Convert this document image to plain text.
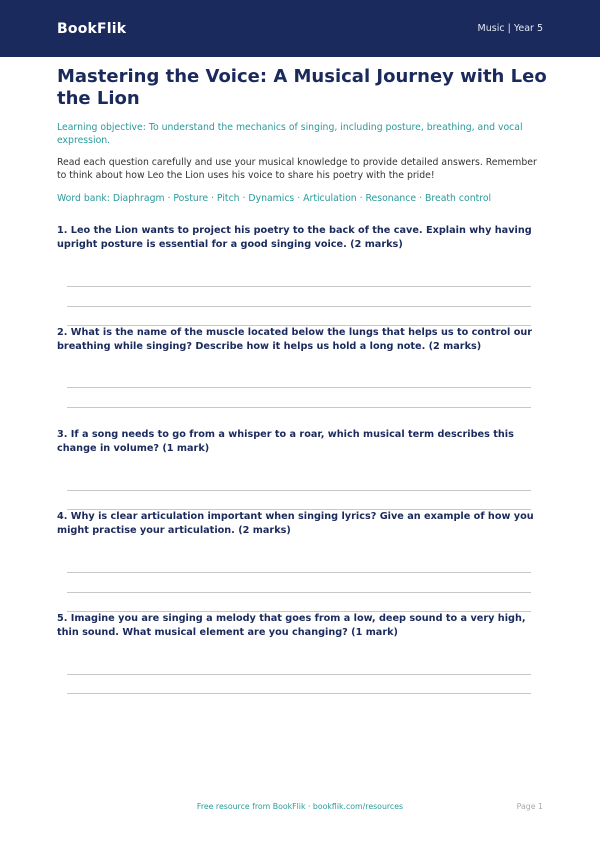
BookFlik	Music | Year 5
Mastering the Voice: A Musical Journey with Leo the Lion

Learning objective: To understand the mechanics of singing, including posture, breathing, and vocal expression.

Read each question carefully and use your musical knowledge to provide detailed answers. Remember to think about how Leo the Lion uses his voice to share his poetry with the pride!

Word bank: Diaphragm · Posture · Pitch · Dynamics · Articulation · Resonance · Breath control

1. Leo the Lion wants to project his poetry to the back of the cave. Explain why having upright posture is essential for a good singing voice. (2 marks)

2. What is the name of the muscle located below the lungs that helps us to control our breathing while singing? Describe how it helps us hold a long note. (2 marks)

3. If a song needs to go from a whisper to a roar, which musical term describes this change in volume? (1 mark)

4. Why is clear articulation important when singing lyrics? Give an example of how you might practise your articulation. (2 marks)

5. Imagine you are singing a melody that goes from a low, deep sound to a very high, thin sound. What musical element are you changing? (1 mark)

Free resource from BookFlik · bookflik.com/resources	Page 1
